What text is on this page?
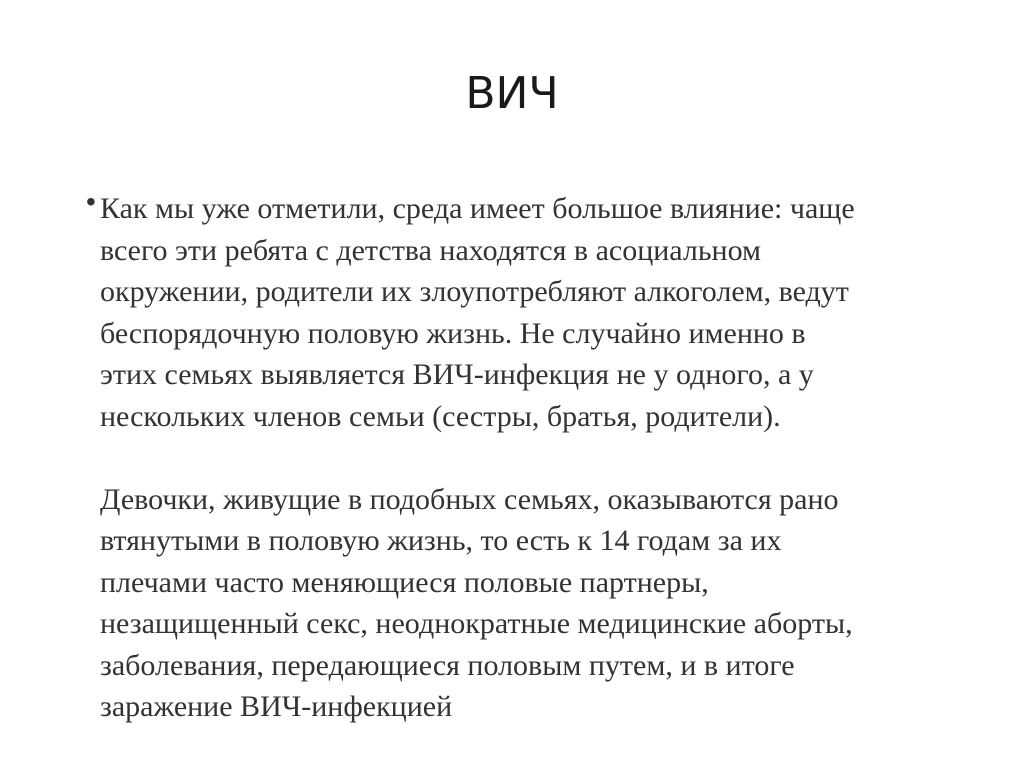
ВИЧ
• Как мы уже отметили, среда имеет большое влияние: чаще
всего эти ребята с детства находятся в асоциальном
окружении, родители их злоупотребляют алкоголем, ведут
беспорядочную половую жизнь. Не случайно именно в
этих семьях выявляется ВИЧ-инфекция не у одного, а у
нескольких членов семьи (сестры, братья, родители).
Девочки, живущие в подобных семьях, оказываются рано
втянутыми в половую жизнь, то есть к 14 годам за их
плечами часто меняющиеся половые партнеры,
незащищенный секс, неоднократные медицинские аборты,
заболевания, передающиеся половым путем, и в итоге
заражение ВИЧ-инфекцией
